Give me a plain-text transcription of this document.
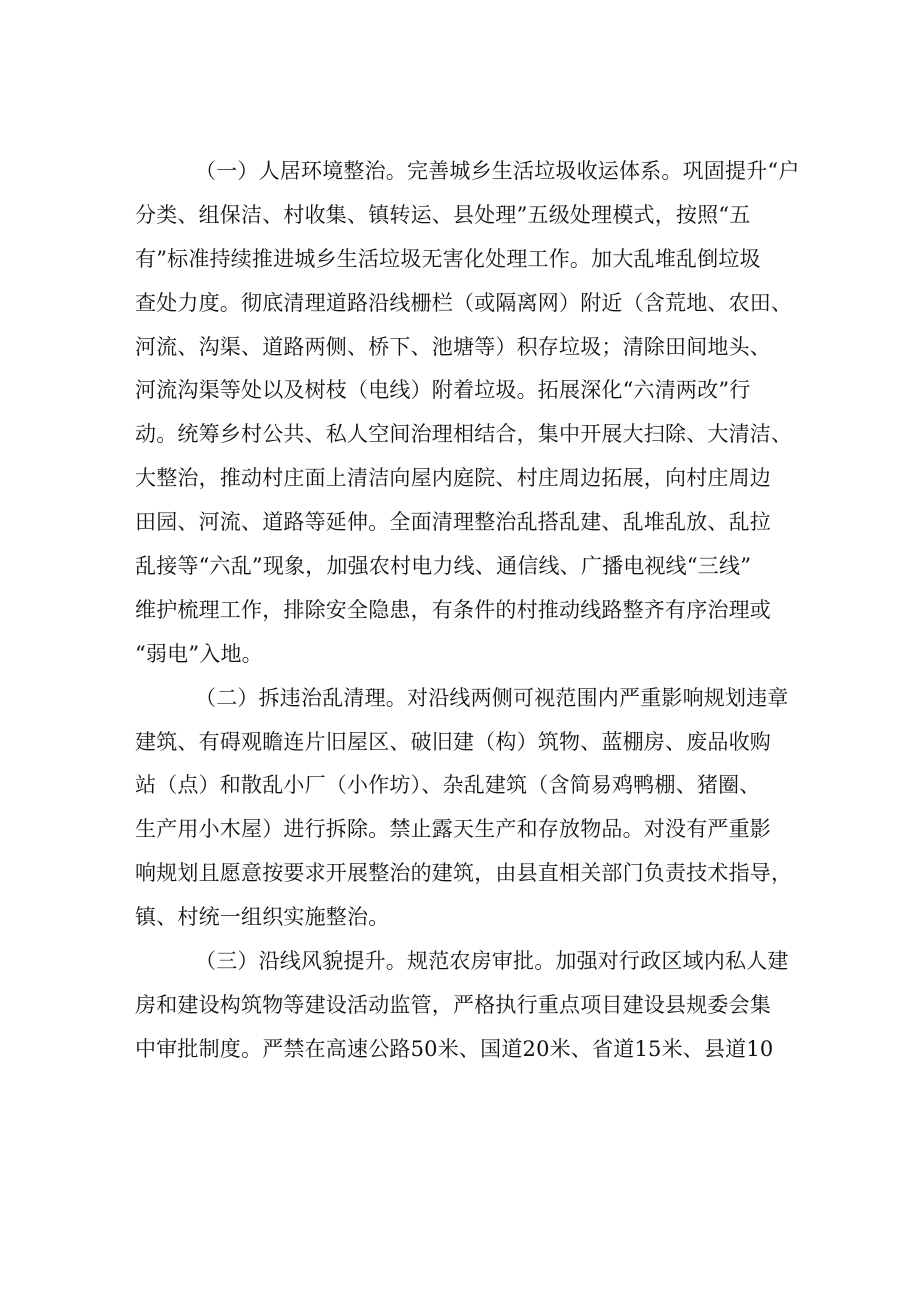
（一）人居环境整治。完善城乡生活垃圾收运体系。巩固提升“户
分类、组保洁、村收集、镇转运、县处理”五级处理模式，按照“五
有”标准持续推进城乡生活垃圾无害化处理工作。加大乱堆乱倒垃圾
查处力度。彻底清理道路沿线栅栏（或隔离网）附近（含荒地、农田、
河流、沟渠、道路两侧、桥下、池塘等）积存垃圾；清除田间地头、
河流沟渠等处以及树枝（电线）附着垃圾。拓展深化“六清两改”行
动。统筹乡村公共、私人空间治理相结合，集中开展大扫除、大清洁、
大整治，推动村庄面上清洁向屋内庭院、村庄周边拓展，向村庄周边
田园、河流、道路等延伸。全面清理整治乱搭乱建、乱堆乱放、乱拉
乱接等“六乱”现象，加强农村电力线、通信线、广播电视线“三线”
维护梳理工作，排除安全隐患，有条件的村推动线路整齐有序治理或
“弱电”入地。
（二）拆违治乱清理。对沿线两侧可视范围内严重影响规划违章
建筑、有碍观瞻连片旧屋区、破旧建（构）筑物、蓝棚房、废品收购
站（点）和散乱小厂（小作坊）、杂乱建筑（含简易鸡鸭棚、猪圈、
生产用小木屋）进行拆除。禁止露天生产和存放物品。对没有严重影
响规划且愿意按要求开展整治的建筑，由县直相关部门负责技术指导，
镇、村统一组织实施整治。
（三）沿线风貌提升。规范农房审批。加强对行政区域内私人建
房和建设构筑物等建设活动监管，严格执行重点项目建设县规委会集
中审批制度。严禁在高速公路50米、国道20米、省道15米、县道10
